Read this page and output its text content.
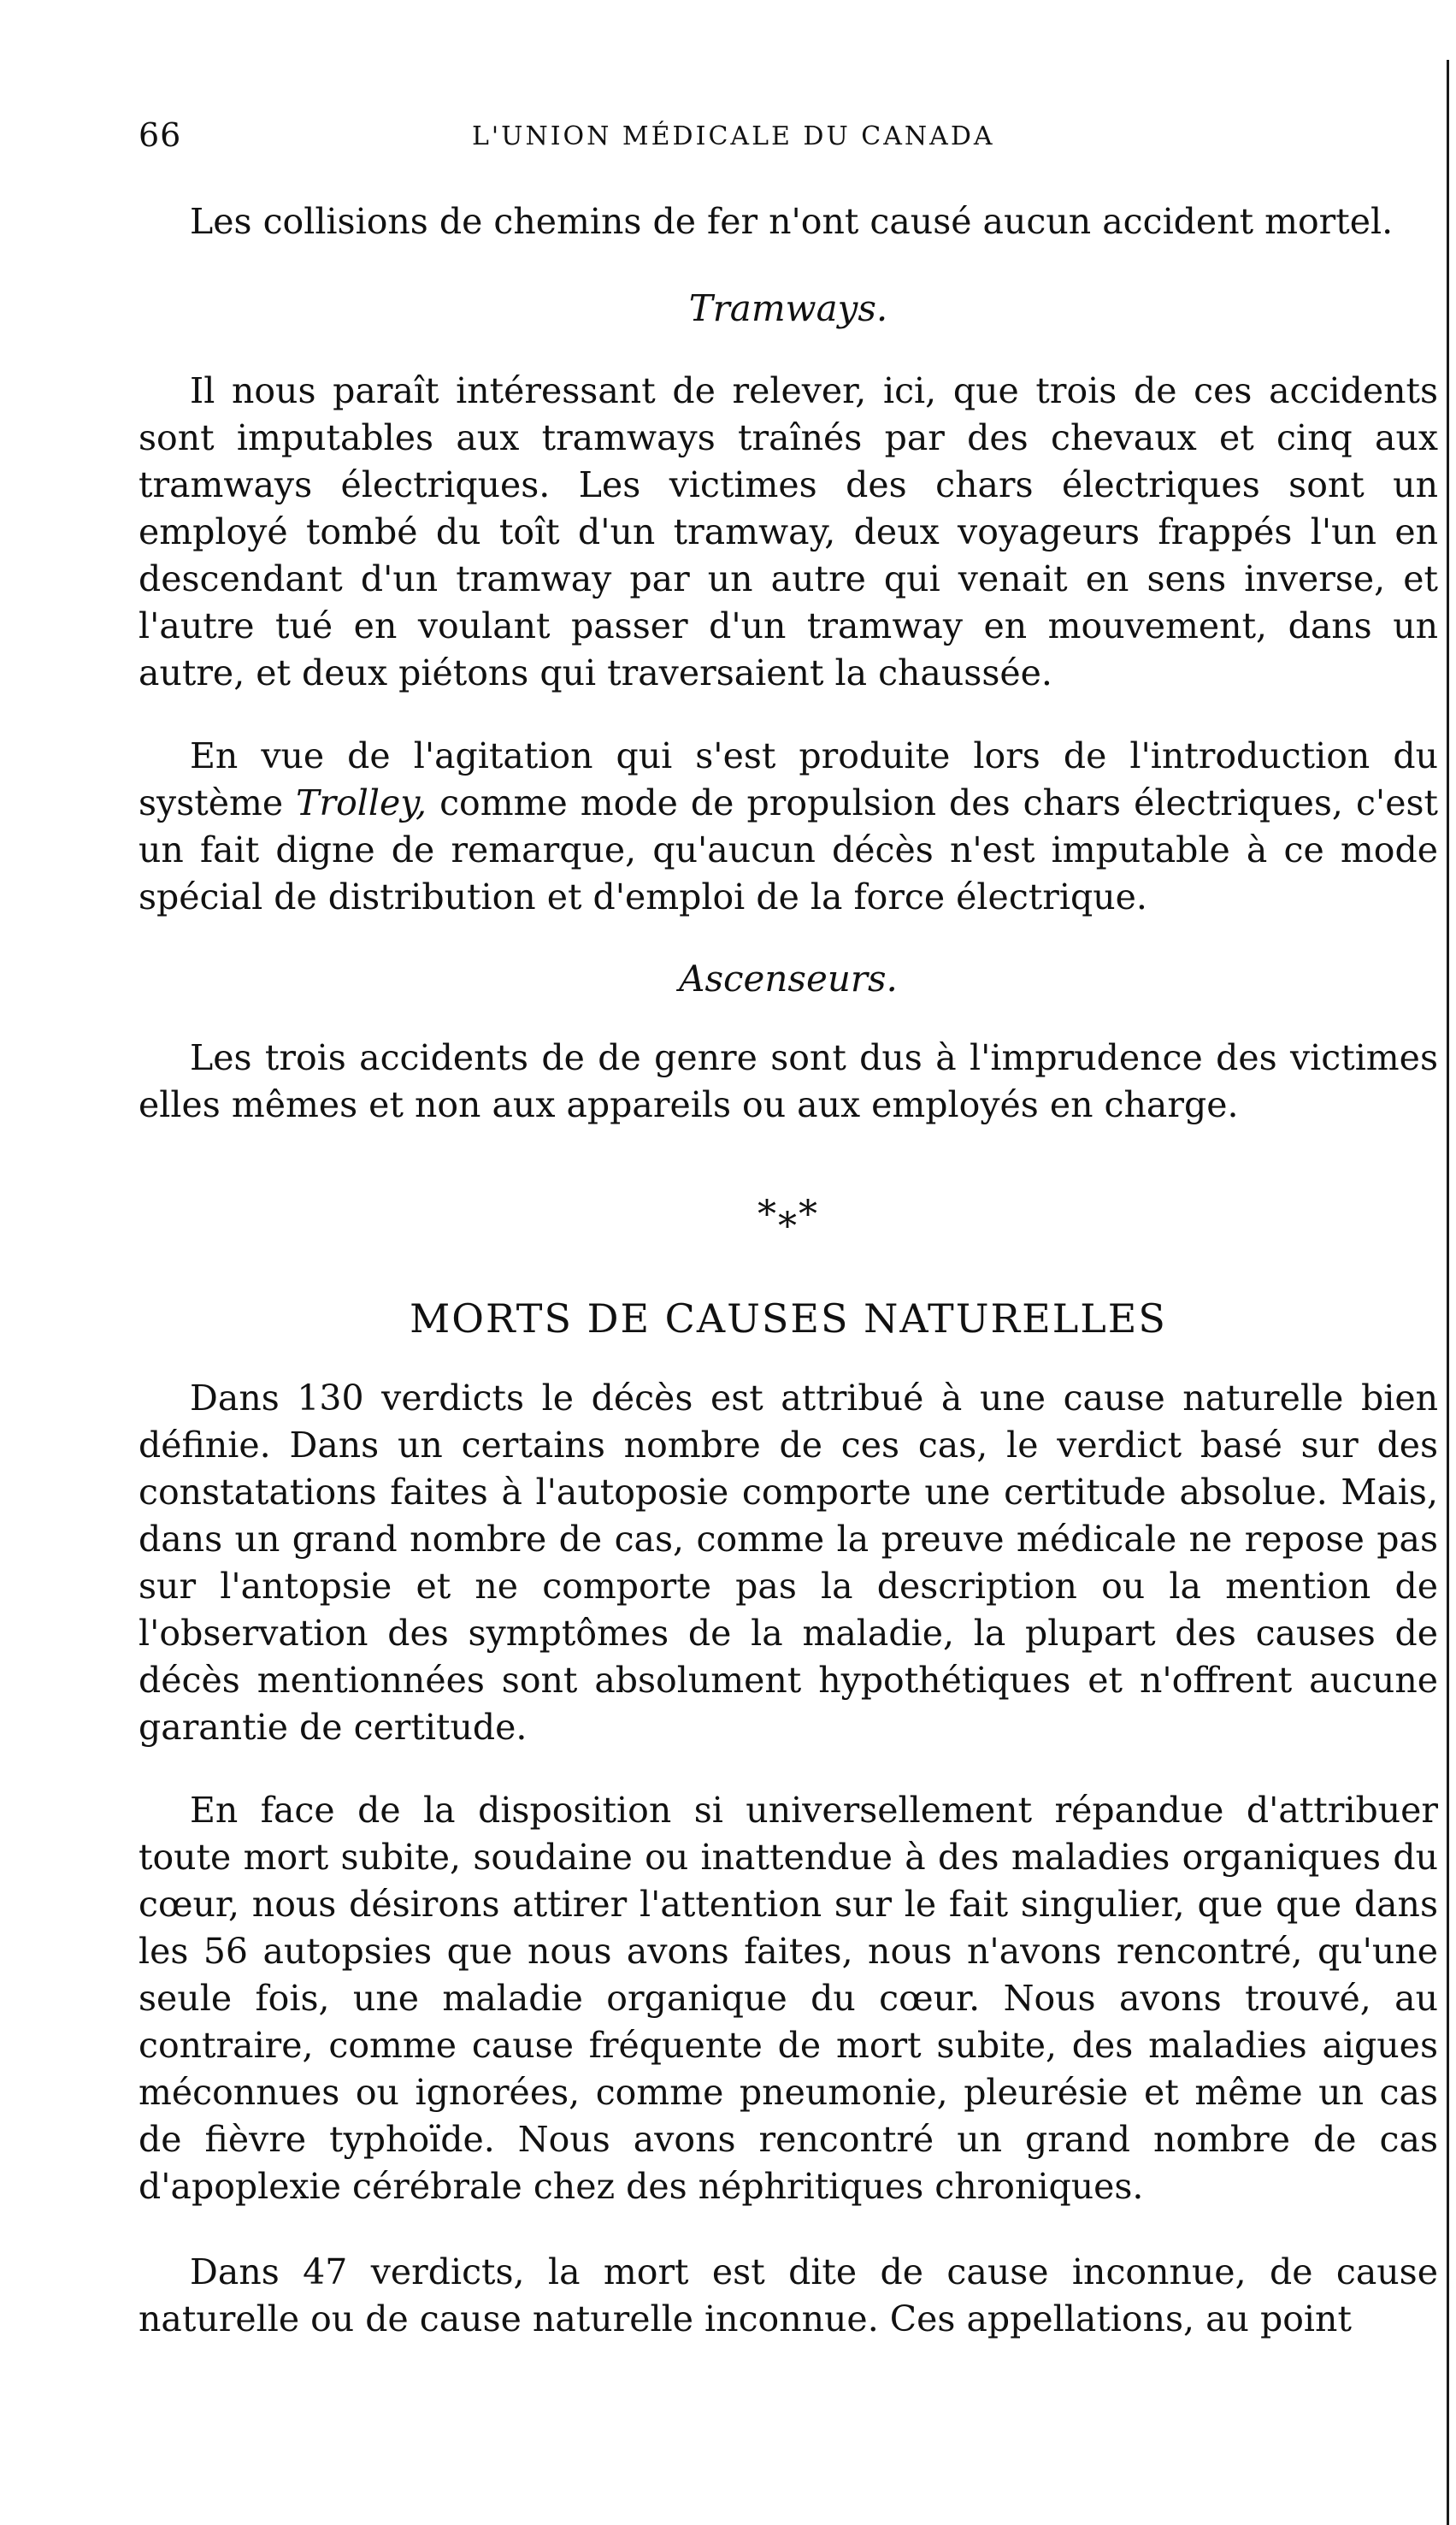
66	L'UNION MÉDICALE DU CANADA

Les collisions de chemins de fer n'ont causé aucun accident mortel.

Tramways.

Il nous paraît intéressant de relever, ici, que trois de ces accidents sont imputables aux tramways traînés par des chevaux et cinq aux tramways électriques. Les victimes des chars électriques sont un employé tombé du toît d'un tramway, deux voyageurs frappés l'un en descendant d'un tramway par un autre qui venait en sens inverse, et l'autre tué en voulant passer d'un tramway en mouvement, dans un autre, et deux piétons qui traversaient la chaussée.

En vue de l'agitation qui s'est produite lors de l'introduction du système Trolley, comme mode de propulsion des chars électriques, c'est un fait digne de remarque, qu'aucun décès n'est imputable à ce mode spécial de distribution et d'emploi de la force électrique.

Ascenseurs.

Les trois accidents de de genre sont dus à l'imprudence des victimes elles mêmes et non aux appareils ou aux employés en charge.

*⁎*
MORTS DE CAUSES NATURELLES

Dans 130 verdicts le décès est attribué à une cause naturelle bien définie. Dans un certains nombre de ces cas, le verdict basé sur des constatations faites à l'autoposie comporte une certitude absolue. Mais, dans un grand nombre de cas, comme la preuve médicale ne repose pas sur l'antopsie et ne comporte pas la description ou la mention de l'observation des symptômes de la maladie, la plupart des causes de décès mentionnées sont absolument hypothétiques et n'offrent aucune garantie de certitude.

En face de la disposition si universellement répandue d'attribuer toute mort subite, soudaine ou inattendue à des maladies organiques du cœur, nous désirons attirer l'attention sur le fait singulier, que que dans les 56 autopsies que nous avons faites, nous n'avons rencontré, qu'une seule fois, une maladie organique du cœur. Nous avons trouvé, au contraire, comme cause fréquente de mort subite, des maladies aigues méconnues ou ignorées, comme pneumonie, pleurésie et même un cas de fièvre typhoïde. Nous avons rencontré un grand nombre de cas d'apoplexie cérébrale chez des néphritiques chroniques.

Dans 47 verdicts, la mort est dite de cause inconnue, de cause naturelle ou de cause naturelle inconnue. Ces appellations, au point
